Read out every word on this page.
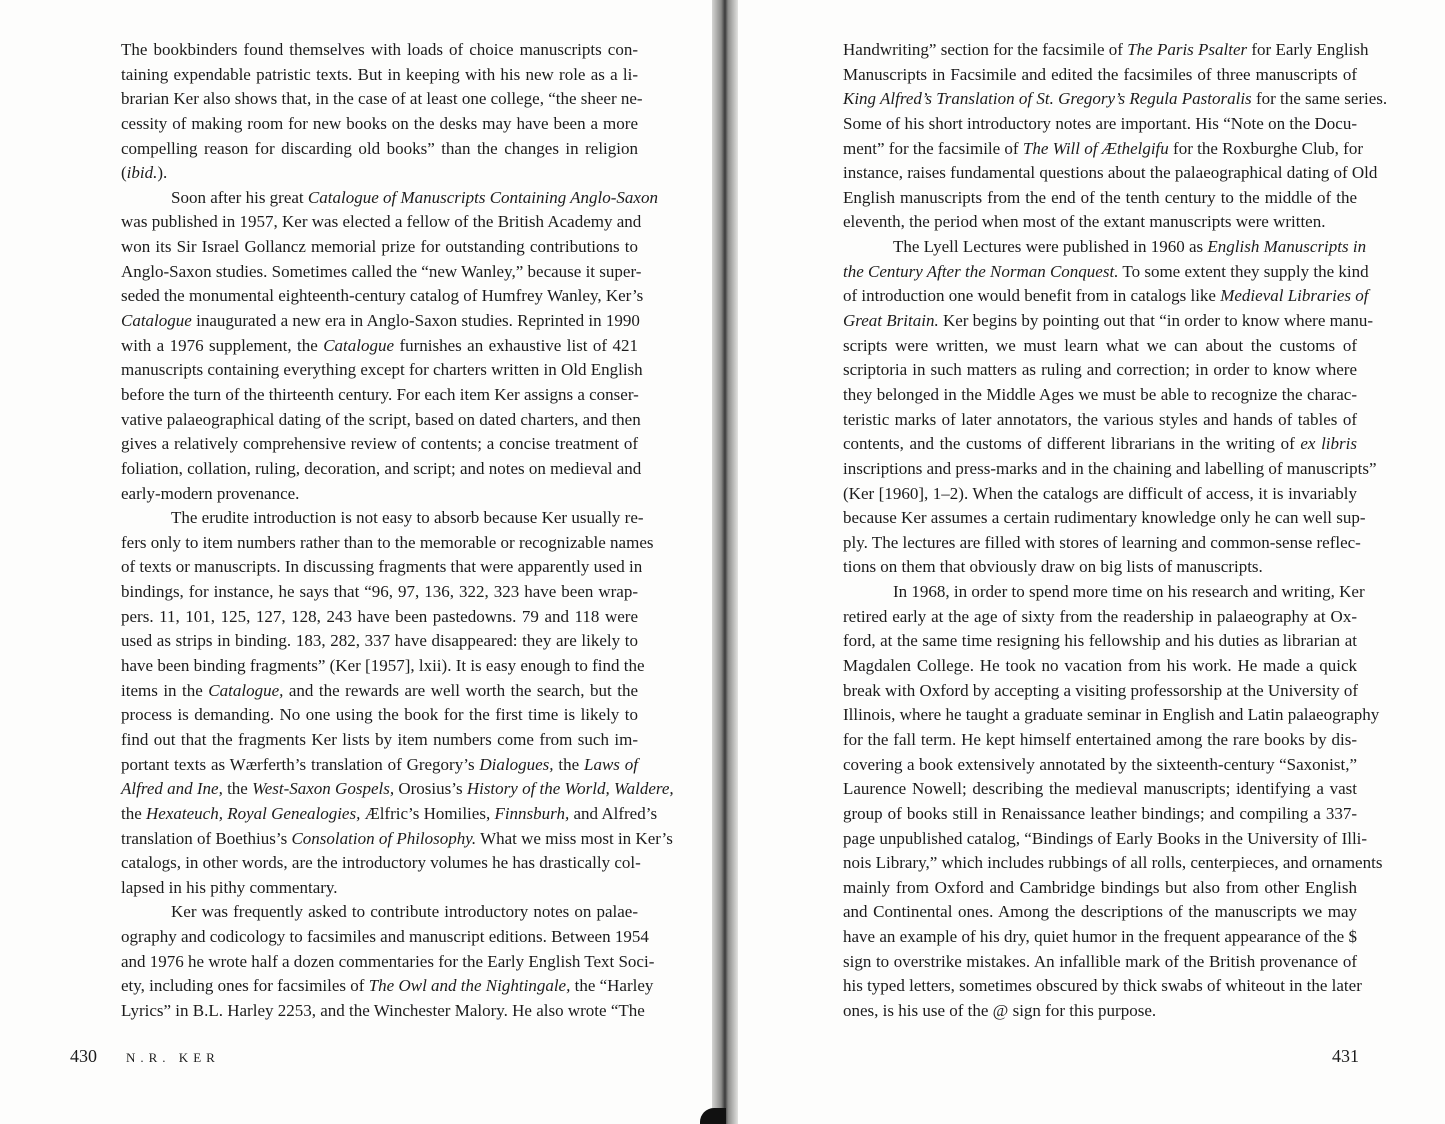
The bookbinders found themselves with loads of choice manuscripts con-
taining expendable patristic texts. But in keeping with his new role as a li-
brarian Ker also shows that, in the case of at least one college, “the sheer ne-
cessity of making room for new books on the desks may have been a more
compelling reason for discarding old books” than the changes in religion
(ibid.).
Soon after his great Catalogue of Manuscripts Containing Anglo-Saxon
was published in 1957, Ker was elected a fellow of the British Academy and
won its Sir Israel Gollancz memorial prize for outstanding contributions to
Anglo-Saxon studies. Sometimes called the “new Wanley,” because it super-
seded the monumental eighteenth-century catalog of Humfrey Wanley, Ker’s
Catalogue inaugurated a new era in Anglo-Saxon studies. Reprinted in 1990
with a 1976 supplement, the Catalogue furnishes an exhaustive list of 421
manuscripts containing everything except for charters written in Old English
before the turn of the thirteenth century. For each item Ker assigns a conser-
vative palaeographical dating of the script, based on dated charters, and then
gives a relatively comprehensive review of contents; a concise treatment of
foliation, collation, ruling, decoration, and script; and notes on medieval and
early-modern provenance.
The erudite introduction is not easy to absorb because Ker usually re-
fers only to item numbers rather than to the memorable or recognizable names
of texts or manuscripts. In discussing fragments that were apparently used in
bindings, for instance, he says that “96, 97, 136, 322, 323 have been wrap-
pers. 11, 101, 125, 127, 128, 243 have been pastedowns. 79 and 118 were
used as strips in binding. 183, 282, 337 have disappeared: they are likely to
have been binding fragments” (Ker [1957], lxii). It is easy enough to find the
items in the Catalogue, and the rewards are well worth the search, but the
process is demanding. No one using the book for the first time is likely to
find out that the fragments Ker lists by item numbers come from such im-
portant texts as Wærferth’s translation of Gregory’s Dialogues, the Laws of
Alfred and Ine, the West-Saxon Gospels, Orosius’s History of the World, Waldere,
the Hexateuch, Royal Genealogies, Ælfric’s Homilies, Finnsburh, and Alfred’s
translation of Boethius’s Consolation of Philosophy. What we miss most in Ker’s
catalogs, in other words, are the introductory volumes he has drastically col-
lapsed in his pithy commentary.
Ker was frequently asked to contribute introductory notes on palae-
ography and codicology to facsimiles and manuscript editions. Between 1954
and 1976 he wrote half a dozen commentaries for the Early English Text Soci-
ety, including ones for facsimiles of The Owl and the Nightingale, the “Harley
Lyrics” in B.L. Harley 2253, and the Winchester Malory. He also wrote “The
430 N.R. KER
Handwriting” section for the facsimile of The Paris Psalter for Early English
Manuscripts in Facsimile and edited the facsimiles of three manuscripts of
King Alfred’s Translation of St. Gregory’s Regula Pastoralis for the same series.
Some of his short introductory notes are important. His “Note on the Docu-
ment” for the facsimile of The Will of Æthelgifu for the Roxburghe Club, for
instance, raises fundamental questions about the palaeographical dating of Old
English manuscripts from the end of the tenth century to the middle of the
eleventh, the period when most of the extant manuscripts were written.
The Lyell Lectures were published in 1960 as English Manuscripts in
the Century After the Norman Conquest. To some extent they supply the kind
of introduction one would benefit from in catalogs like Medieval Libraries of
Great Britain. Ker begins by pointing out that “in order to know where manu-
scripts were written, we must learn what we can about the customs of
scriptoria in such matters as ruling and correction; in order to know where
they belonged in the Middle Ages we must be able to recognize the charac-
teristic marks of later annotators, the various styles and hands of tables of
contents, and the customs of different librarians in the writing of ex libris
inscriptions and press-marks and in the chaining and labelling of manuscripts”
(Ker [1960], 1–2). When the catalogs are difficult of access, it is invariably
because Ker assumes a certain rudimentary knowledge only he can well sup-
ply. The lectures are filled with stores of learning and common-sense reflec-
tions on them that obviously draw on big lists of manuscripts.
In 1968, in order to spend more time on his research and writing, Ker
retired early at the age of sixty from the readership in palaeography at Ox-
ford, at the same time resigning his fellowship and his duties as librarian at
Magdalen College. He took no vacation from his work. He made a quick
break with Oxford by accepting a visiting professorship at the University of
Illinois, where he taught a graduate seminar in English and Latin palaeography
for the fall term. He kept himself entertained among the rare books by dis-
covering a book extensively annotated by the sixteenth-century “Saxonist,”
Laurence Nowell; describing the medieval manuscripts; identifying a vast
group of books still in Renaissance leather bindings; and compiling a 337-
page unpublished catalog, “Bindings of Early Books in the University of Illi-
nois Library,” which includes rubbings of all rolls, centerpieces, and ornaments
mainly from Oxford and Cambridge bindings but also from other English
and Continental ones. Among the descriptions of the manuscripts we may
have an example of his dry, quiet humor in the frequent appearance of the $
sign to overstrike mistakes. An infallible mark of the British provenance of
his typed letters, sometimes obscured by thick swabs of whiteout in the later
ones, is his use of the @ sign for this purpose.
431
